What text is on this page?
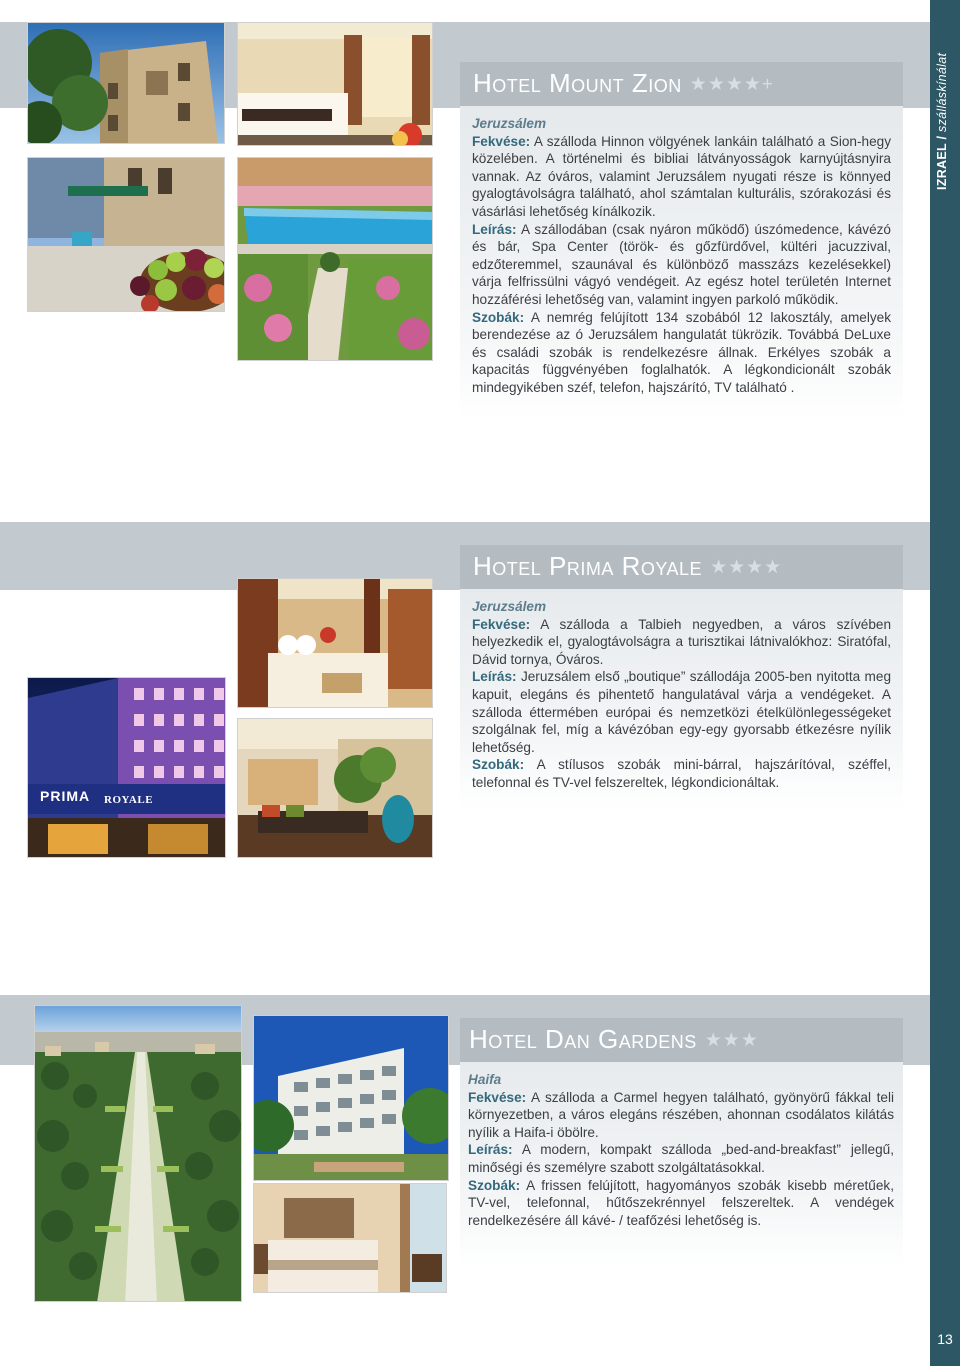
IZRAEL / szálláskínálat
13
Hotel Mount Zion ★★★★+

Jeruzsálem

Fekvése: A szálloda Hinnon völgyének lankáin található a Sion-hegy közelében. A történelmi és bibliai látványosságok karnyújtásnyira vannak. Az óváros, valamint Jeruzsálem nyugati része is könnyed gyalogtávolságra található, ahol számtalan kulturális, szórakozási és vásárlási lehetőség kínálkozik.

Leírás: A szállodában (csak nyáron működő) úszómedence, kávézó és bár, Spa Center (török- és gőzfürdővel, kültéri jacuzzival, edzőteremmel, szaunával és különböző masszázs kezelésekkel) várja felfrissülni vágyó vendégeit. Az egész hotel területén Internet hozzáférési lehetőség van, valamint ingyen parkoló működik.

Szobák: A nemrég felújított 134 szobából 12 lakosztály, amelyek berendezése az ó Jeruzsálem hangulatát tükrözik. Továbbá DeLuxe és családi szobák is rendelkezésre állnak. Erkélyes szobák a kapacitás függvényében foglalhatók. A légkondicionált szobák mindegyikében széf, telefon, hajszárító, TV található .

PRIMA ROYALE
Hotel Prima Royale ★★★★

Jeruzsálem

Fekvése: A szálloda a Talbieh negyedben, a város szívében helyezkedik el, gyalogtávolságra a turisztikai látnivalókhoz: Siratófal, Dávid tornya, Óváros.

Leírás: Jeruzsálem első „boutique” szállodája 2005-ben nyitotta meg kapuit, elegáns és pihentető hangulatával várja a vendégeket. A szálloda éttermében európai és nemzetközi ételkülönlegességeket szolgálnak fel, míg a kávézóban egy-egy gyorsabb étkezésre nyílik lehetőség.

Szobák: A stílusos szobák mini-bárral, hajszárítóval, széffel, telefonnal és TV-vel felszereltek, légkondicionáltak.

Hotel Dan Gardens ★★★

Haifa

Fekvése: A szálloda a Carmel hegyen található, gyönyörű fákkal teli környezetben, a város elegáns részében, ahonnan csodálatos kilátás nyílik a Haifa-i öbölre.

Leírás: A modern, kompakt szálloda „bed-and-breakfast” jellegű, minőségi és személyre szabott szolgáltatásokkal.

Szobák: A frissen felújított, hagyományos szobák kisebb méretűek, TV-vel, telefonnal, hűtőszekrénnyel felszereltek. A vendégek rendelkezésére áll kávé- / teafőzési lehetőség is.
